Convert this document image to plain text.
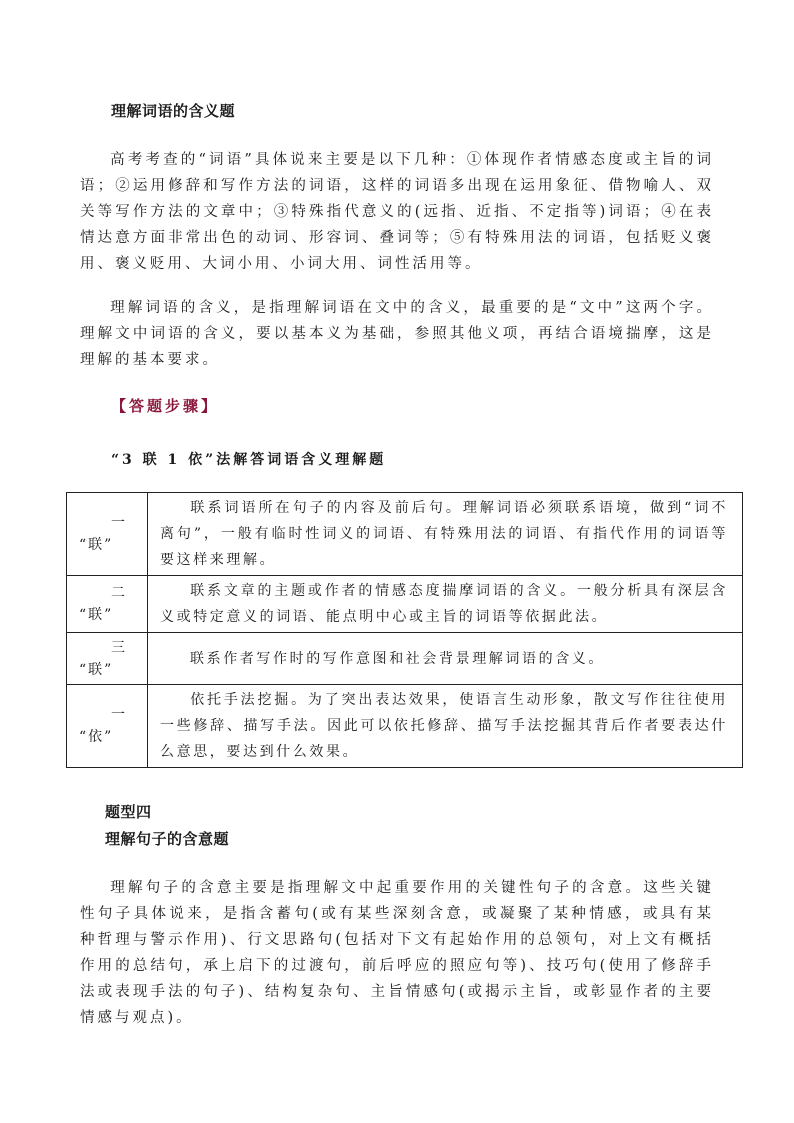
理解词语的含义题

高考考查的“词语”具体说来主要是以下几种：①体现作者情感态度或主旨的词语；②运用修辞和写作方法的词语，这样的词语多出现在运用象征、借物喻人、双关等写作方法的文章中；③特殊指代意义的(远指、近指、不定指等)词语；④在表情达意方面非常出色的动词、形容词、叠词等；⑤有特殊用法的词语，包括贬义褒用、褒义贬用、大词小用、小词大用、词性活用等。

理解词语的含义，是指理解词语在文中的含义，最重要的是“文中”这两个字。理解文中词语的含义，要以基本义为基础，参照其他义项，再结合语境揣摩，这是理解的基本要求。

【答题步骤】
“3 联 1 依”法解答词语含义理解题
一
“联”	联系词语所在句子的内容及前后句。理解词语必须联系语境，做到“词不离句”，一般有临时性词义的词语、有特殊用法的词语、有指代作用的词语等要这样来理解。

二
“联”	联系文章的主题或作者的情感态度揣摩词语的含义。一般分析具有深层含义或特定意义的词语、能点明中心或主旨的词语等依据此法。

三
“联”	联系作者写作时的写作意图和社会背景理解词语的含义。

一
“依”	依托手法挖掘。为了突出表达效果，使语言生动形象，散文写作往往使用一些修辞、描写手法。因此可以依托修辞、描写手法挖掘其背后作者要表达什么意思，要达到什么效果。
题型四
理解句子的含意题

理解句子的含意主要是指理解文中起重要作用的关键性句子的含意。这些关键性句子具体说来，是指含蓄句(或有某些深刻含意，或凝聚了某种情感，或具有某种哲理与警示作用)、行文思路句(包括对下文有起始作用的总领句，对上文有概括作用的总结句，承上启下的过渡句，前后呼应的照应句等)、技巧句(使用了修辞手法或表现手法的句子)、结构复杂句、主旨情感句(或揭示主旨，或彰显作者的主要情感与观点)。
